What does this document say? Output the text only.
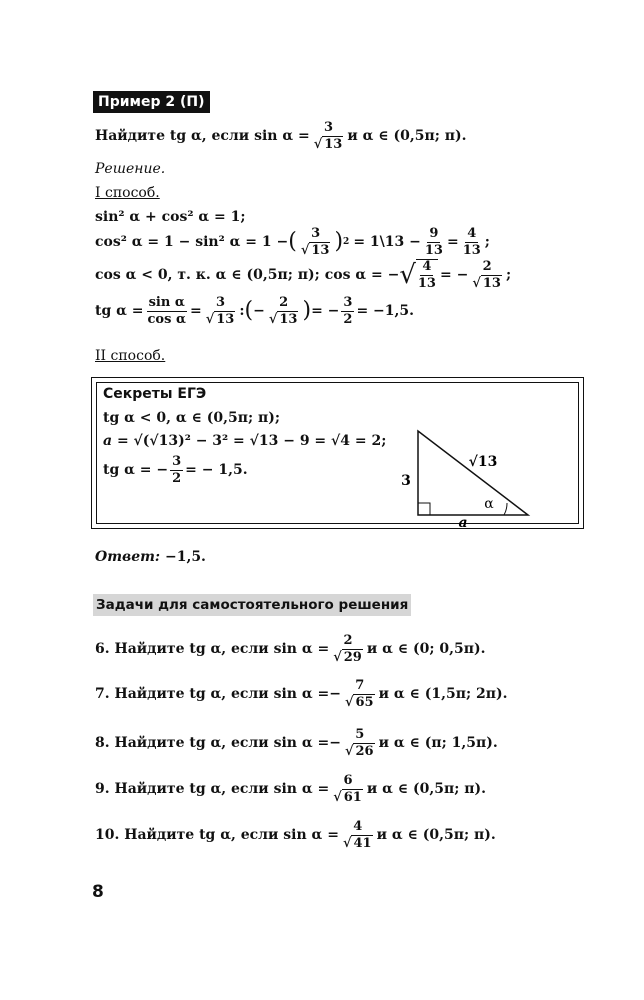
Пример 2 (П)
Найдите tg α, если $\sin \alpha = \frac{3}{√ 13}$ и α ∈ (0,5π; π).
Решение.
I способ.
sin² α + cos² α = 1;
cos² α = 1 − sin² α = 1 − ( $\frac{3}{√ 13}$ ) 2 = 1\13 − $\frac{9}{13} = \frac{4}{13}$ ;
cos α < 0, т. к. α ∈ (0,5π; π); cos α = − √ $\frac{4}{13}$ = − $\frac{2}{√ 13}$ ;
tg $\alpha = \frac{\text{sin α}}{\text{cos α}} = \frac{3}{√ 13}$ : ( − $\frac{2}{√ 13}$ ) = − $\frac{3}{2} = -1,5$.
II способ.
Секреты ЕГЭ
tg α < 0, α ∈ (0,5π; π);
a = √(√13)² − 3² = √13 − 9 = √4 = 2;
tg α = − $\frac{3}{2}$ = − 1,5.
3
√13
α
a
Ответ: −1,5.
Задачи для самостоятельного решения
6.
Найдите tg α, если $\sin \alpha = \frac{2}{√ 29}$ и α ∈ (0; 0,5π).
7.
Найдите tg α, если sin α = − $\frac{7}{√ 65}$ и α ∈ (1,5π; 2π).
8.
Найдите tg α, если sin α = − $\frac{5}{√ 26}$ и α ∈ (π; 1,5π).
9.
Найдите tg α, если $\sin \alpha = \frac{6}{√ 61}$ и α ∈ (0,5π; π).
10.
Найдите tg α, если $\sin \alpha = \frac{4}{√ 41}$ и α ∈ (0,5π; π).
8
